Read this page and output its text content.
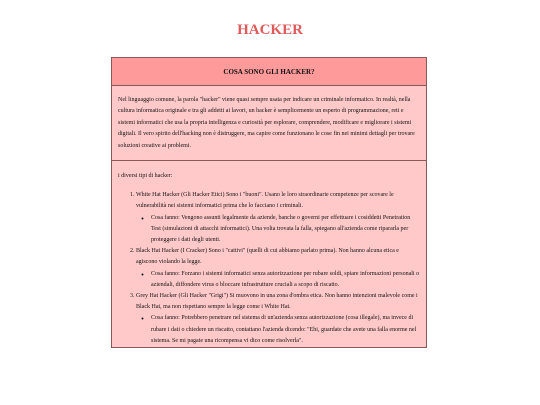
HACKER
COSA SONO GLI HACKER?
Nel linguaggio comune, la parola "hacker" viene quasi sempre usata per indicare un criminale informatico. In realtà, nella cultura informatica originale e tra gli addetti ai lavori, un hacker è semplicemente un esperto di programmazione, reti e sistemi informatici che usa la propria intelligenza e curiosità per esplorare, comprendere, modificare e migliorare i sistemi digitali. Il vero spirito dell'hacking non è distruggere, ma capire come funzionano le cose fin nei minimi dettagli per trovare soluzioni creative ai problemi.

i diversi tipi di hacker:

1. White Hat Hacker (Gli Hacker Etici) Sono i "buoni". Usano le loro straordinarie competenze per scovare le vulnerabilità nei sistemi informatici prima che lo facciano i criminali.
◦ Cosa fanno: Vengono assunti legalmente da aziende, banche o governi per effettuare i cosiddetti Penetration Test (simulazioni di attacchi informatici). Una volta trovata la falla, spiegano all'azienda come ripararla per proteggere i dati degli utenti.
2. Black Hat Hacker (I Cracker) Sono i "cattivi" (quelli di cui abbiamo parlato prima). Non hanno alcuna etica e agiscono violando la legge.
◦ Cosa fanno: Forzano i sistemi informatici senza autorizzazione per rubare soldi, spiare informazioni personali o aziendali, diffondere virus o bloccare infrastrutture cruciali a scopo di riscatto.
3. Grey Hat Hacker (Gli Hacker "Grigi") Si muovono in una zona d'ombra etica. Non hanno intenzioni malevole come i Black Hat, ma non rispettano sempre la legge come i White Hat.
◦ Cosa fanno: Potrebbero penetrare nel sistema di un'azienda senza autorizzazione (cosa illegale), ma invece di rubare i dati o chiedere un riscatto, contattano l'azienda dicendo: "Ehi, guardate che avete una falla enorme nel sistema. Se mi pagate una ricompensa vi dico come risolverla".
